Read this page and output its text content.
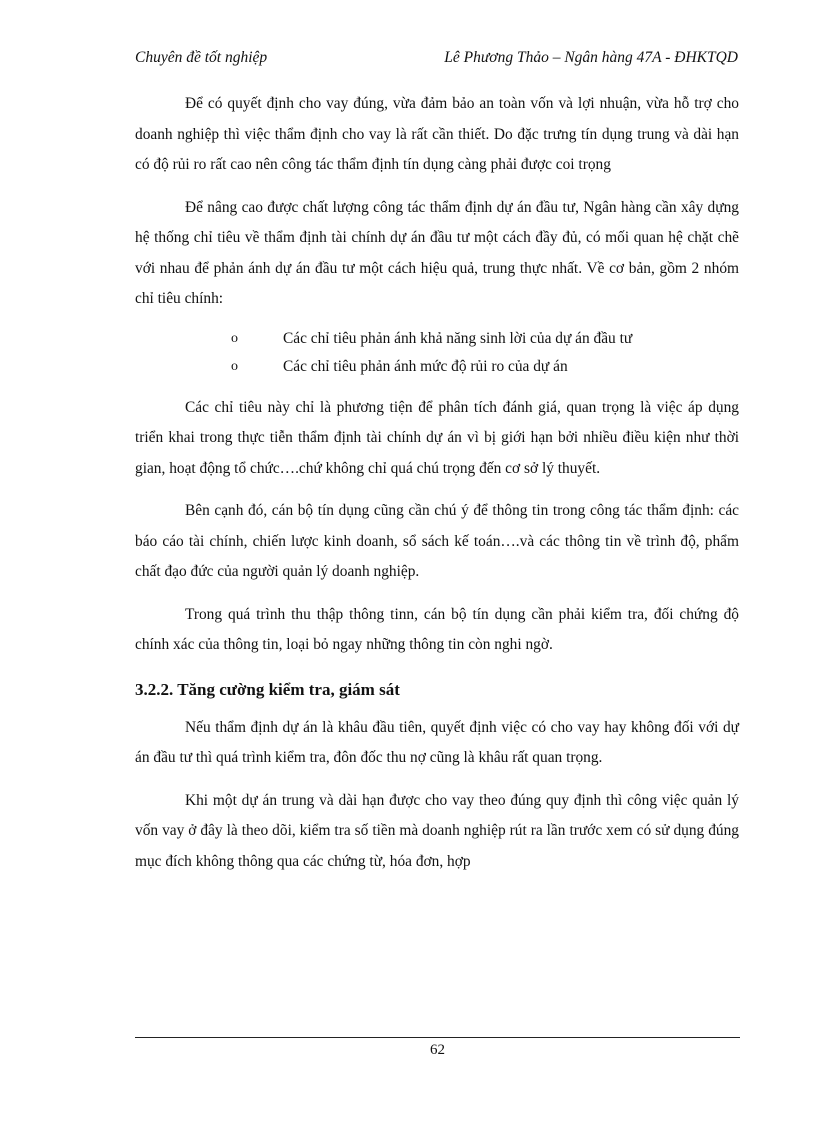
Chuyên đề tốt nghiệp	Lê Phương Thảo – Ngân hàng 47A - ĐHKTQD

Để có quyết định cho vay đúng, vừa đảm bảo an toàn vốn và lợi nhuận, vừa hỗ trợ cho doanh nghiệp thì việc thẩm định cho vay là rất cần thiết. Do đặc trưng tín dụng trung và dài hạn có độ rủi ro rất cao nên công tác thẩm định tín dụng càng phải được coi trọng

Để nâng cao được chất lượng công tác thẩm định dự án đầu tư, Ngân hàng cần xây dựng hệ thống chỉ tiêu về thẩm định tài chính dự án đầu tư một cách đầy đủ, có mối quan hệ chặt chẽ với nhau để phản ánh dự án đầu tư một cách hiệu quả, trung thực nhất. Về cơ bản, gồm 2 nhóm chỉ tiêu chính:

o	Các chỉ tiêu phản ánh khả năng sinh lời của dự án đầu tư
o	Các chỉ tiêu phản ánh mức độ rủi ro của dự án

Các chỉ tiêu này chỉ là phương tiện để phân tích đánh giá, quan trọng là việc áp dụng triển khai trong thực tiễn thẩm định tài chính dự án vì bị giới hạn bởi nhiều điều kiện như thời gian, hoạt động tổ chức….chứ không chỉ quá chú trọng đến cơ sở lý thuyết.

Bên cạnh đó, cán bộ tín dụng cũng cần chú ý để thông tin trong công tác thẩm định: các báo cáo tài chính, chiến lược kinh doanh, sổ sách kế toán….và các thông tin về trình độ, phẩm chất đạo đức của người quản lý doanh nghiệp.

Trong quá trình thu thập thông tinn, cán bộ tín dụng cần phải kiểm tra, đối chứng độ chính xác của thông tin, loại bỏ ngay những thông tin còn nghi ngờ.

3.2.2. Tăng cường kiểm tra, giám sát

Nếu thẩm định dự án là khâu đầu tiên, quyết định việc có cho vay hay không đối với dự án đầu tư thì quá trình kiểm tra, đôn đốc thu nợ cũng là khâu rất quan trọng.

Khi một dự án trung và dài hạn được cho vay theo đúng quy định thì công việc quản lý vốn vay ở đây là theo dõi, kiểm tra số tiền mà doanh nghiệp rút ra lần trước xem có sử dụng đúng mục đích không thông qua các chứng từ, hóa đơn, hợp

62
